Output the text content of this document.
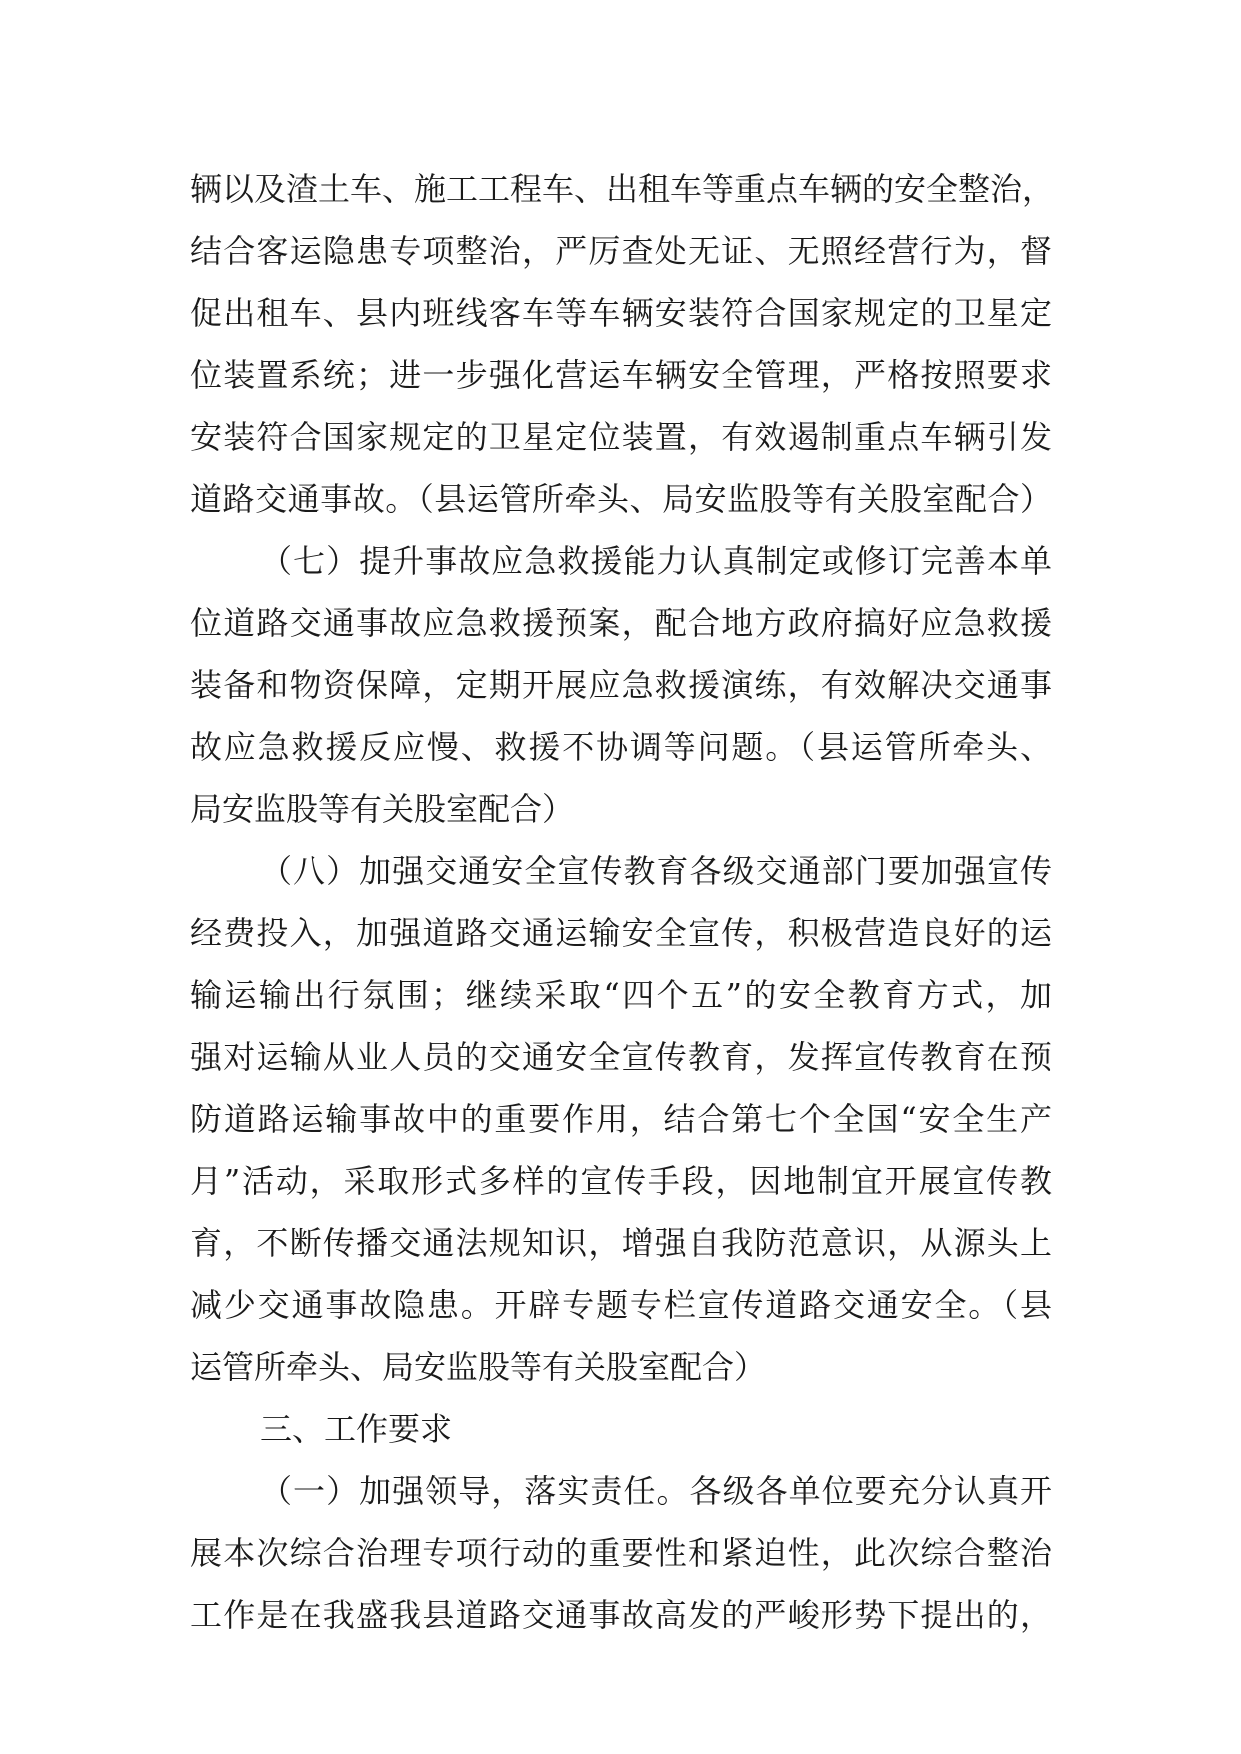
辆以及渣土车、施工工程车、出租车等重点车辆的安全整治，
结合客运隐患专项整治，严厉查处无证、无照经营行为，督
促出租车、县内班线客车等车辆安装符合国家规定的卫星定
位装置系统；进一步强化营运车辆安全管理，严格按照要求
安装符合国家规定的卫星定位装置，有效遏制重点车辆引发
道路交通事故。（县运管所牵头、局安监股等有关股室配合）
（七）提升事故应急救援能力认真制定或修订完善本单
位道路交通事故应急救援预案，配合地方政府搞好应急救援
装备和物资保障，定期开展应急救援演练，有效解决交通事
故应急救援反应慢、救援不协调等问题。（县运管所牵头、
局安监股等有关股室配合）
（八）加强交通安全宣传教育各级交通部门要加强宣传
经费投入，加强道路交通运输安全宣传，积极营造良好的运
输运输出行氛围；继续采取“四个五”的安全教育方式，加
强对运输从业人员的交通安全宣传教育，发挥宣传教育在预
防道路运输事故中的重要作用，结合第七个全国“安全生产
月”活动，采取形式多样的宣传手段，因地制宜开展宣传教
育，不断传播交通法规知识，增强自我防范意识，从源头上
减少交通事故隐患。开辟专题专栏宣传道路交通安全。（县
运管所牵头、局安监股等有关股室配合）
三、工作要求
（一）加强领导，落实责任。各级各单位要充分认真开
展本次综合治理专项行动的重要性和紧迫性，此次综合整治
工作是在我盛我县道路交通事故高发的严峻形势下提出的，
